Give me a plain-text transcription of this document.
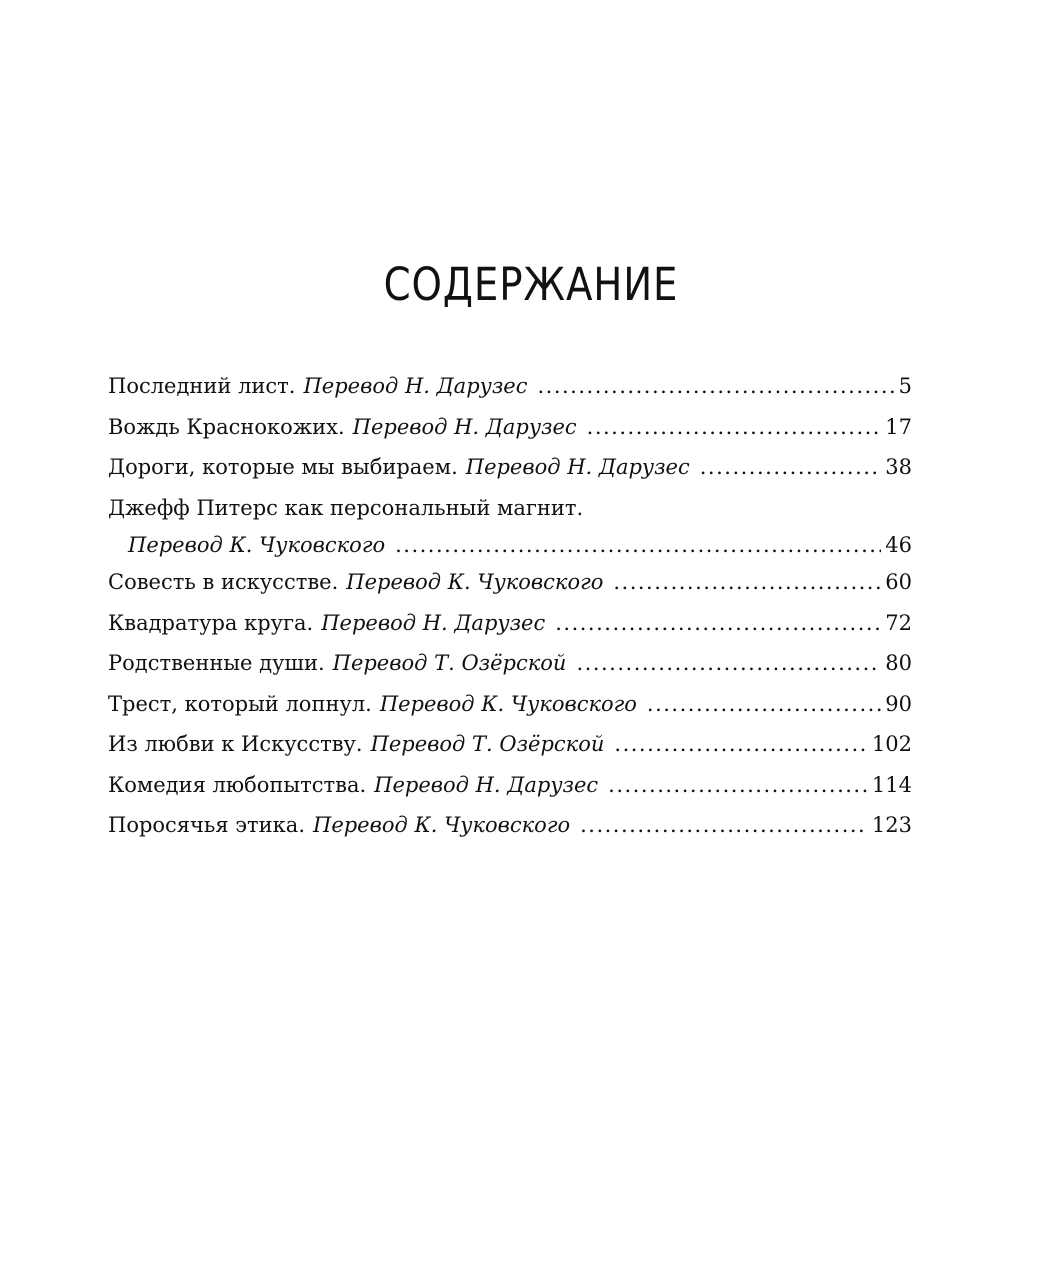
СОДЕРЖАНИЕ
Последний лист. Перевод Н. Дарузес .....	5
Вождь Краснокожих. Перевод Н. Дарузес .....	17
Дороги, которые мы выбираем. Перевод Н. Дарузес .....	38
Джефф Питерс как персональный магнит.
Перевод К. Чуковского .....	46
Совесть в искусстве. Перевод К. Чуковского .....	60
Квадратура круга. Перевод Н. Дарузес .....	72
Родственные души. Перевод Т. Озёрской .....	80
Трест, который лопнул. Перевод К. Чуковского .....	90
Из любви к Искусству. Перевод Т. Озёрской .....	102
Комедия любопытства. Перевод Н. Дарузес .....	114
Поросячья этика. Перевод К. Чуковского .....	123
